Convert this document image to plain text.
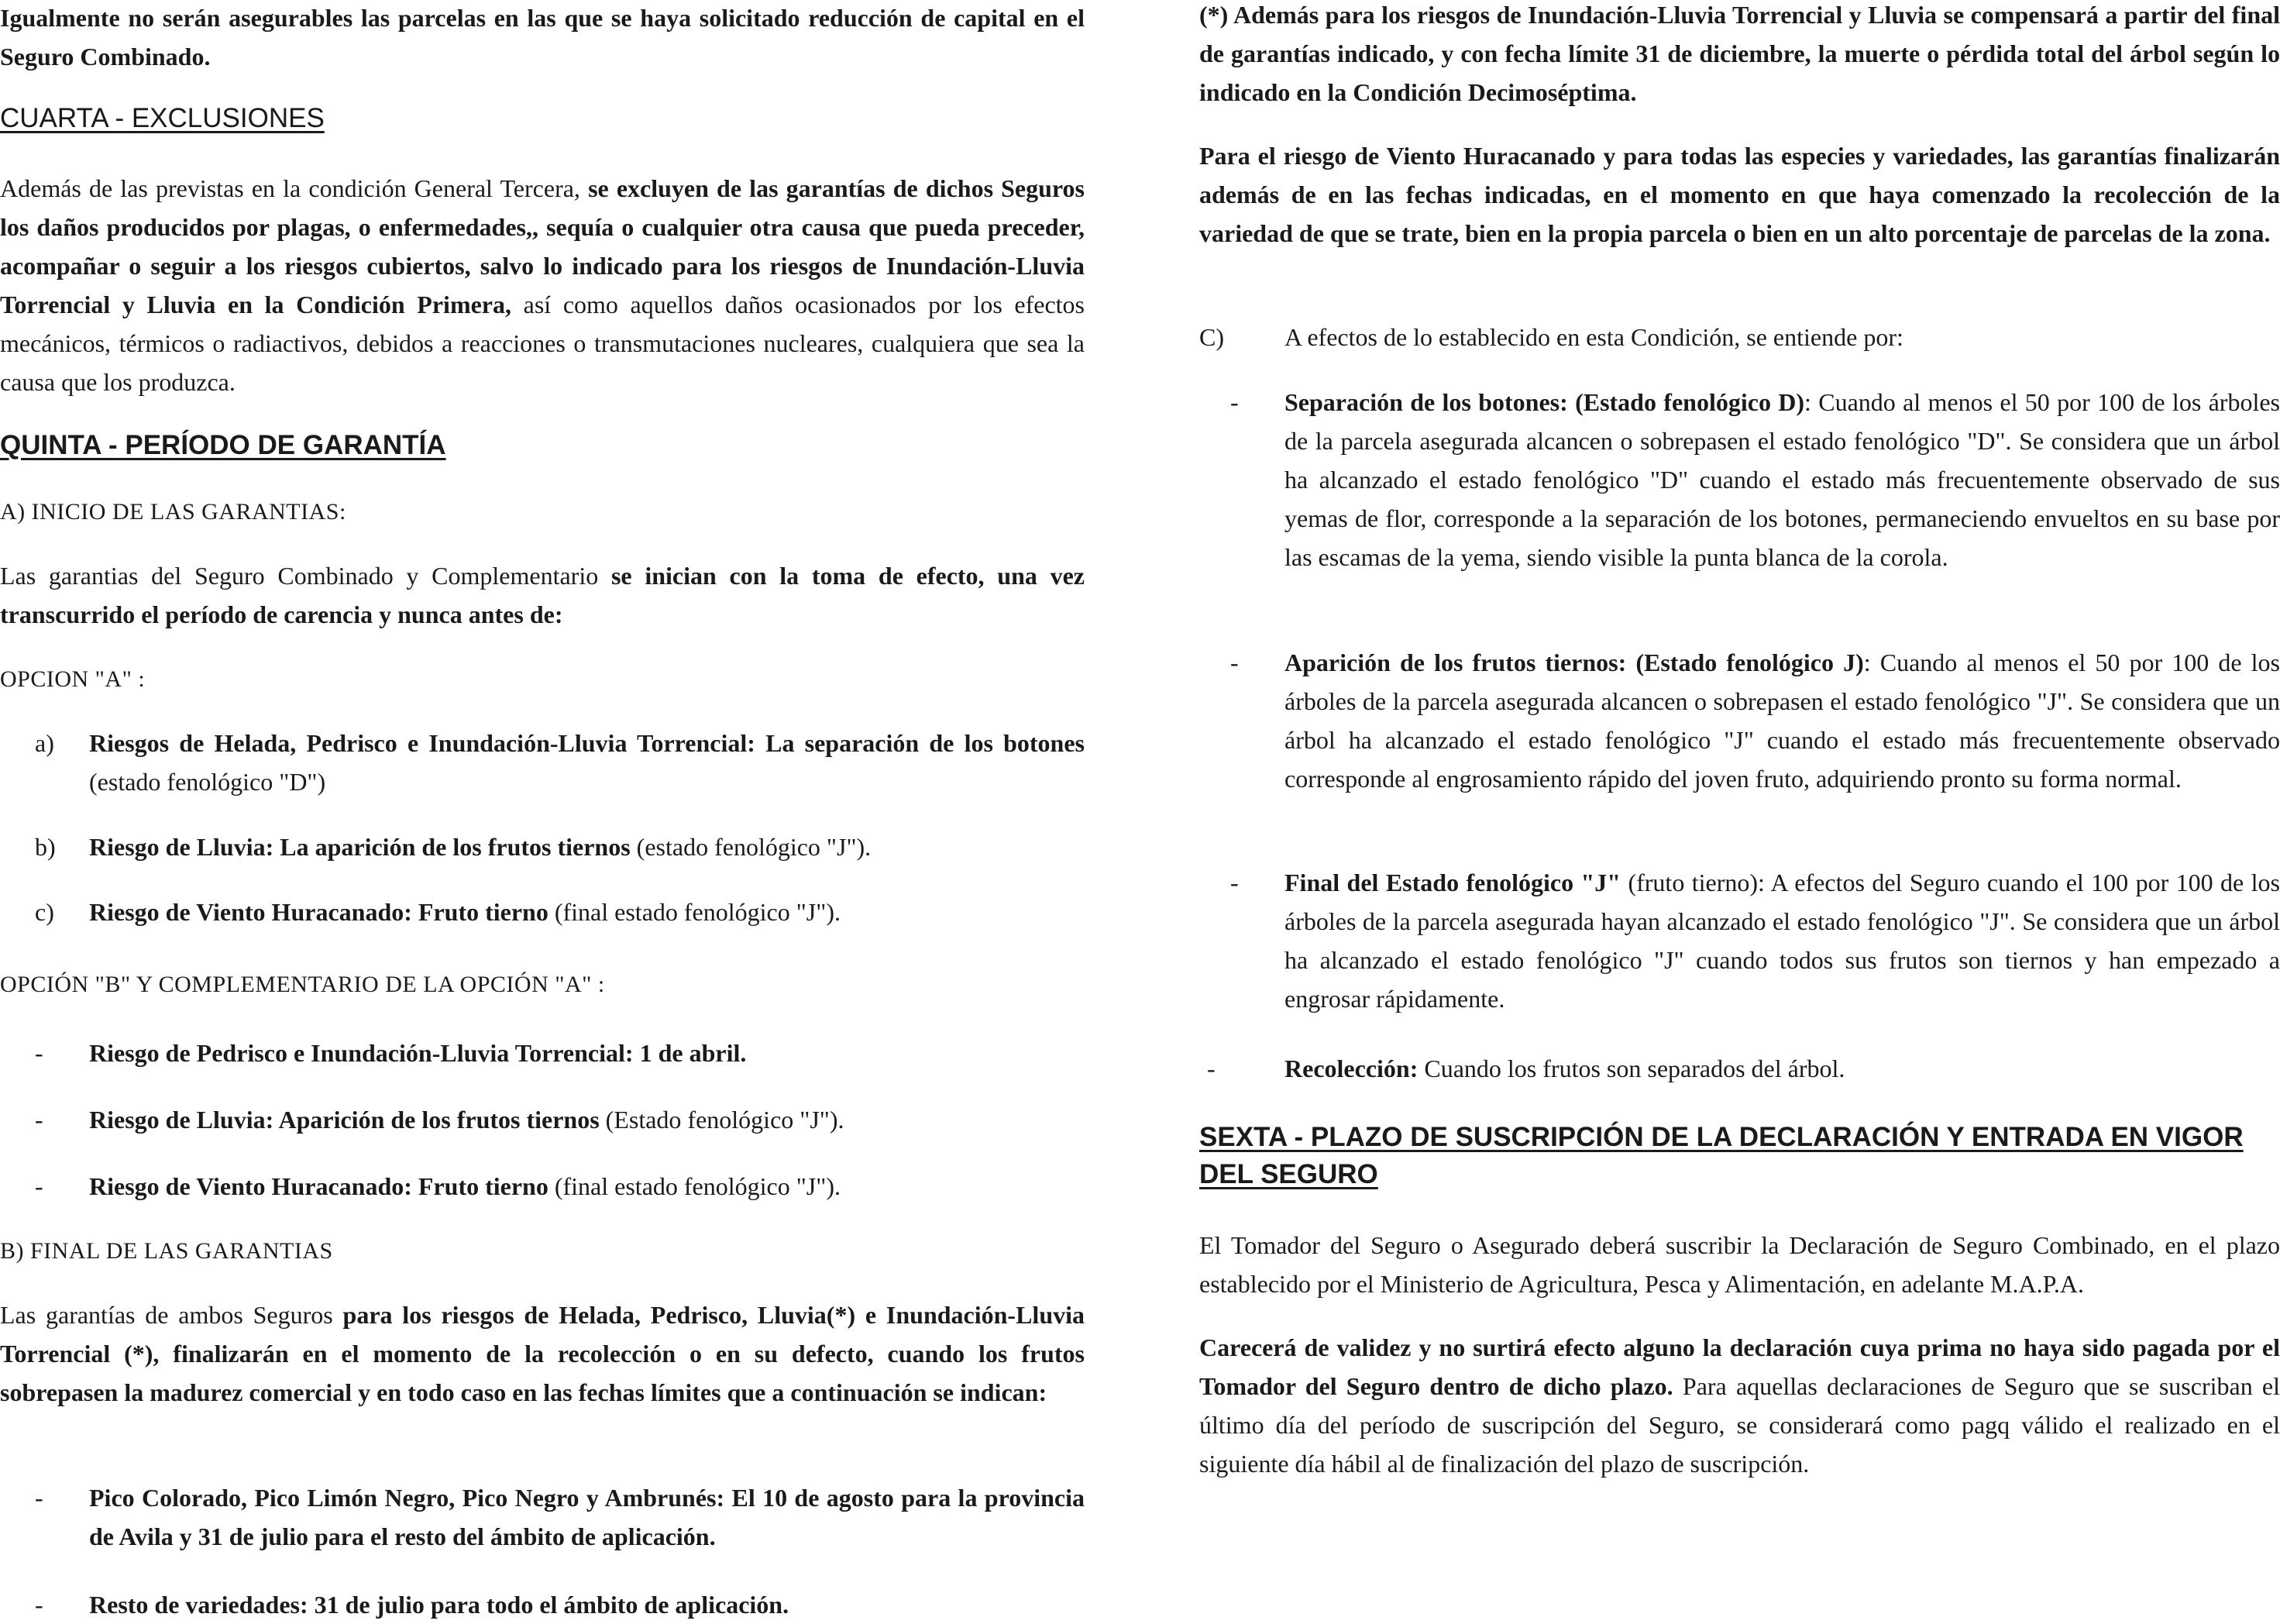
Igualmente no serán asegurables las parcelas en las que se haya solicitado reducción de capital en el Seguro Combinado.

CUARTA - EXCLUSIONES

Además de las previstas en la condición General Tercera, se excluyen de las garantías de dichos Seguros los daños producidos por plagas, o enfermedades,, sequía o cualquier otra causa que pueda preceder, acompañar o seguir a los riesgos cubiertos, salvo lo indicado para los riesgos de Inundación-Lluvia Torrencial y Lluvia en la Condición Primera, así como aquellos daños ocasionados por los efectos mecánicos, térmicos o radiactivos, debidos a reacciones o transmutaciones nucleares, cualquiera que sea la causa que los produzca.

QUINTA - PERÍODO DE GARANTÍA

A) INICIO DE LAS GARANTIAS:

Las garantias del Seguro Combinado y Complementario se inician con la toma de efecto, una vez transcurrido el período de carencia y nunca antes de:

OPCION "A" :

a) Riesgos de Helada, Pedrisco e Inundación-Lluvia Torrencial: La separación de los botones (estado fenológico "D")
b) Riesgo de Lluvia: La aparición de los frutos tiernos (estado fenológico "J").
c) Riesgo de Viento Huracanado: Fruto tierno (final estado fenológico "J").

OPCIÓN "B" Y COMPLEMENTARIO DE LA OPCIÓN "A" :

- Riesgo de Pedrisco e Inundación-Lluvia Torrencial: 1 de abril.
- Riesgo de Lluvia: Aparición de los frutos tiernos (Estado fenológico "J").
- Riesgo de Viento Huracanado: Fruto tierno (final estado fenológico "J").

B) FINAL DE LAS GARANTIAS

Las garantías de ambos Seguros para los riesgos de Helada, Pedrisco, Lluvia(*) e Inundación-Lluvia Torrencial (*), finalizarán en el momento de la recolección o en su defecto, cuando los frutos sobrepasen la madurez comercial y en todo caso en las fechas límites que a continuación se indican:

- Pico Colorado, Pico Limón Negro, Pico Negro y Ambrunés: El 10 de agosto para la provincia de Avila y 31 de julio para el resto del ámbito de aplicación.
- Resto de variedades: 31 de julio para todo el ámbito de aplicación.

(*) Además para los riesgos de Inundación-Lluvia Torrencial y Lluvia se compensará a partir del final de garantías indicado, y con fecha límite 31 de diciembre, la muerte o pérdida total del árbol según lo indicado en la Condición Decimoséptima.

Para el riesgo de Viento Huracanado y para todas las especies y variedades, las garantías finalizarán además de en las fechas indicadas, en el momento en que haya comenzado la recolección de la variedad de que se trate, bien en la propia parcela o bien en un alto porcentaje de parcelas de la zona.

C) A efectos de lo establecido en esta Condición, se entiende por:
- Separación de los botones: (Estado fenológico D): Cuando al menos el 50 por 100 de los árboles de la parcela asegurada alcancen o sobrepasen el estado fenológico "D". Se considera que un árbol ha alcanzado el estado fenológico "D" cuando el estado más frecuentemente observado de sus yemas de flor, corresponde a la separación de los botones, permaneciendo envueltos en su base por las escamas de la yema, siendo visible la punta blanca de la corola.
- Aparición de los frutos tiernos: (Estado fenológico J): Cuando al menos el 50 por 100 de los árboles de la parcela asegurada alcancen o sobrepasen el estado fenológico "J". Se considera que un árbol ha alcanzado el estado fenológico "J" cuando el estado más frecuentemente observado corresponde al engrosamiento rápido del joven fruto, adquiriendo pronto su forma normal.
- Final del Estado fenológico "J" (fruto tierno): A efectos del Seguro cuando el 100 por 100 de los árboles de la parcela asegurada hayan alcanzado el estado fenológico "J". Se considera que un árbol ha alcanzado el estado fenológico "J" cuando todos sus frutos son tiernos y han empezado a engrosar rápidamente.
-	Recolección: Cuando los frutos son separados del árbol.
SEXTA - PLAZO DE SUSCRIPCIÓN DE LA DECLARACIÓN Y ENTRADA EN VIGOR DEL SEGURO

El Tomador del Seguro o Asegurado deberá suscribir la Declaración de Seguro Combinado, en el plazo establecido por el Ministerio de Agricultura, Pesca y Alimentación, en adelante M.A.P.A.

Carecerá de validez y no surtirá efecto alguno la declaración cuya prima no haya sido pagada por el Tomador del Seguro dentro de dicho plazo. Para aquellas declaraciones de Seguro que se suscriban el último día del período de suscripción del Seguro, se considerará como pagq válido el realizado en el siguiente día hábil al de finalización del plazo de suscripción.
